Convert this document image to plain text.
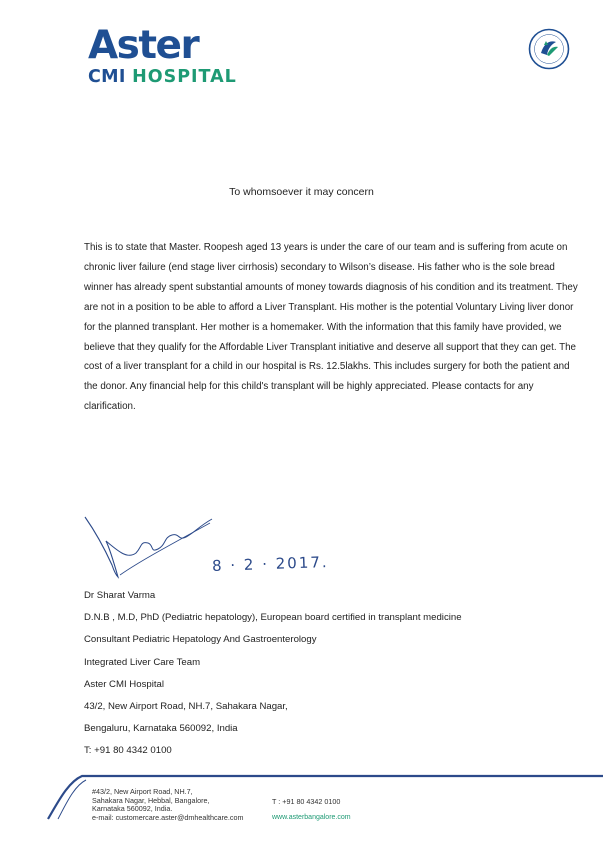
Aster
CMI HOSPITAL
To whomsoever it may concern
This is to state that Master. Roopesh aged 13 years is under the care of our team and is suffering from acute on chronic liver failure (end stage liver cirrhosis) secondary to Wilson’s disease. His father who is the sole bread winner has already spent substantial amounts of money towards diagnosis of his condition and its treatment. They are not in a position to be able to afford a Liver Transplant. His mother is the potential Voluntary Living liver donor for the planned transplant. Her mother is a homemaker. With the information that this family have provided, we believe that they qualify for the Affordable Liver Transplant initiative and deserve all support that they can get. The cost of a liver transplant for a child in our hospital is Rs. 12.5lakhs. This includes surgery for both the patient and the donor. Any financial help for this child's transplant will be highly appreciated. Please contacts for any clarification.
8 · 2 · 2017.
Dr Sharat Varma
D.N.B , M.D, PhD (Pediatric hepatology), European board certified in transplant medicine
Consultant Pediatric Hepatology And Gastroenterology
Integrated Liver Care Team
Aster CMI Hospital
43/2, New Airport Road, NH.7, Sahakara Nagar,
Bengaluru, Karnataka 560092, India
T: +91 80 4342 0100
#43/2, New Airport Road, NH.7,
Sahakara Nagar, Hebbal, Bangalore,
Karnataka 560092, India.
e-mail: customercare.aster@dmhealthcare.com
T : +91 80 4342 0100
www.asterbangalore.com
